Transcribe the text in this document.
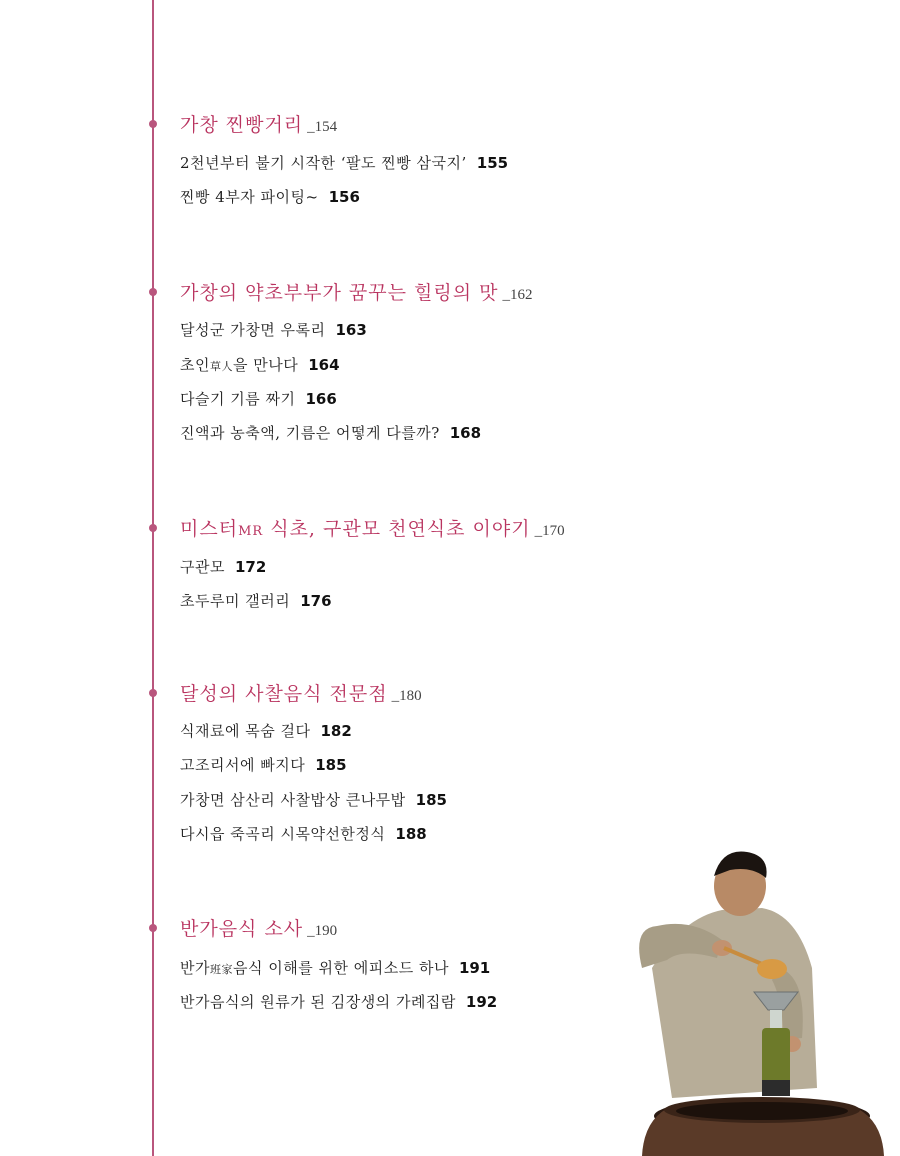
가창 찐빵거리 _154
2천년부터 불기 시작한 ‘팔도 찐빵 삼국지’ 155
찐빵 4부자 파이팅~ 156
가창의 약초부부가 꿈꾸는 힐링의 맛 _162
달성군 가창면 우록리 163
초인草人을 만나다 164
다슬기 기름 짜기 166
진액과 농축액, 기름은 어떻게 다를까? 168
미스터MR 식초, 구관모 천연식초 이야기 _170
구관모 172
초두루미 갤러리 176
달성의 사찰음식 전문점 _180
식재료에 목숨 걸다 182
고조리서에 빠지다 185
가창면 삼산리 사찰밥상 큰나무밥 185
다시읍 죽곡리 시목약선한정식 188
반가음식 소사 _190
반가班家음식 이해를 위한 에피소드 하나 191
반가음식의 원류가 된 김장생의 가례집람 192
